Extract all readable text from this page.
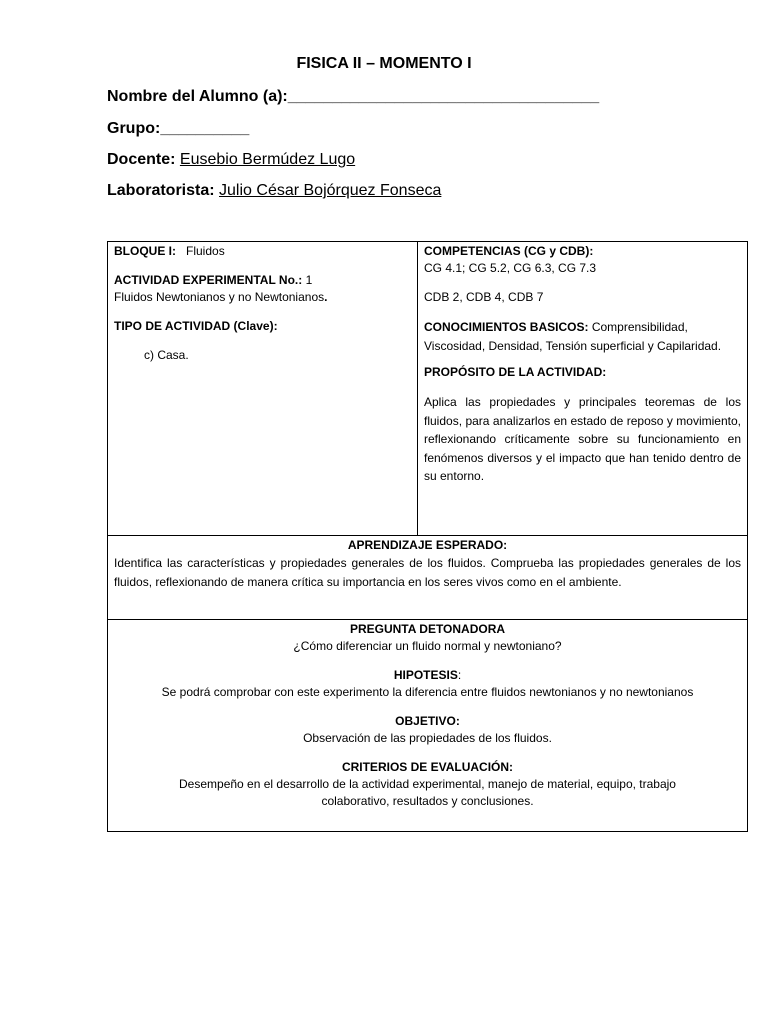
FISICA II – MOMENTO I
Nombre del Alumno (a):___________________________________
Grupo:__________
Docente: Eusebio Bermúdez Lugo
Laboratorista: Julio César Bojórquez Fonseca
BLOQUE I: Fluidos
ACTIVIDAD EXPERIMENTAL No.: 1
Fluidos Newtonianos y no Newtonianos.
TIPO DE ACTIVIDAD (Clave):
c) Casa.

COMPETENCIAS (CG y CDB):
CG 4.1; CG 5.2, CG 6.3, CG 7.3
CDB 2, CDB 4, CDB 7
CONOCIMIENTOS BASICOS: Comprensibilidad, Viscosidad, Densidad, Tensión superficial y Capilaridad.
PROPÓSITO DE LA ACTIVIDAD:
Aplica las propiedades y principales teoremas de los fluidos, para analizarlos en estado de reposo y movimiento, reflexionando críticamente sobre su funcionamiento en fenómenos diversos y el impacto que han tenido dentro de su entorno.

APRENDIZAJE ESPERADO:
Identifica las características y propiedades generales de los fluidos. Comprueba las propiedades generales de los fluidos, reflexionando de manera crítica su importancia en los seres vivos como en el ambiente.

PREGUNTA DETONADORA
¿Cómo diferenciar un fluido normal y newtoniano?
HIPOTESIS:
Se podrá comprobar con este experimento la diferencia entre fluidos newtonianos y no newtonianos
OBJETIVO:
Observación de las propiedades de los fluidos.
CRITERIOS DE EVALUACIÓN:
Desempeño en el desarrollo de la actividad experimental, manejo de material, equipo, trabajo colaborativo, resultados y conclusiones.
